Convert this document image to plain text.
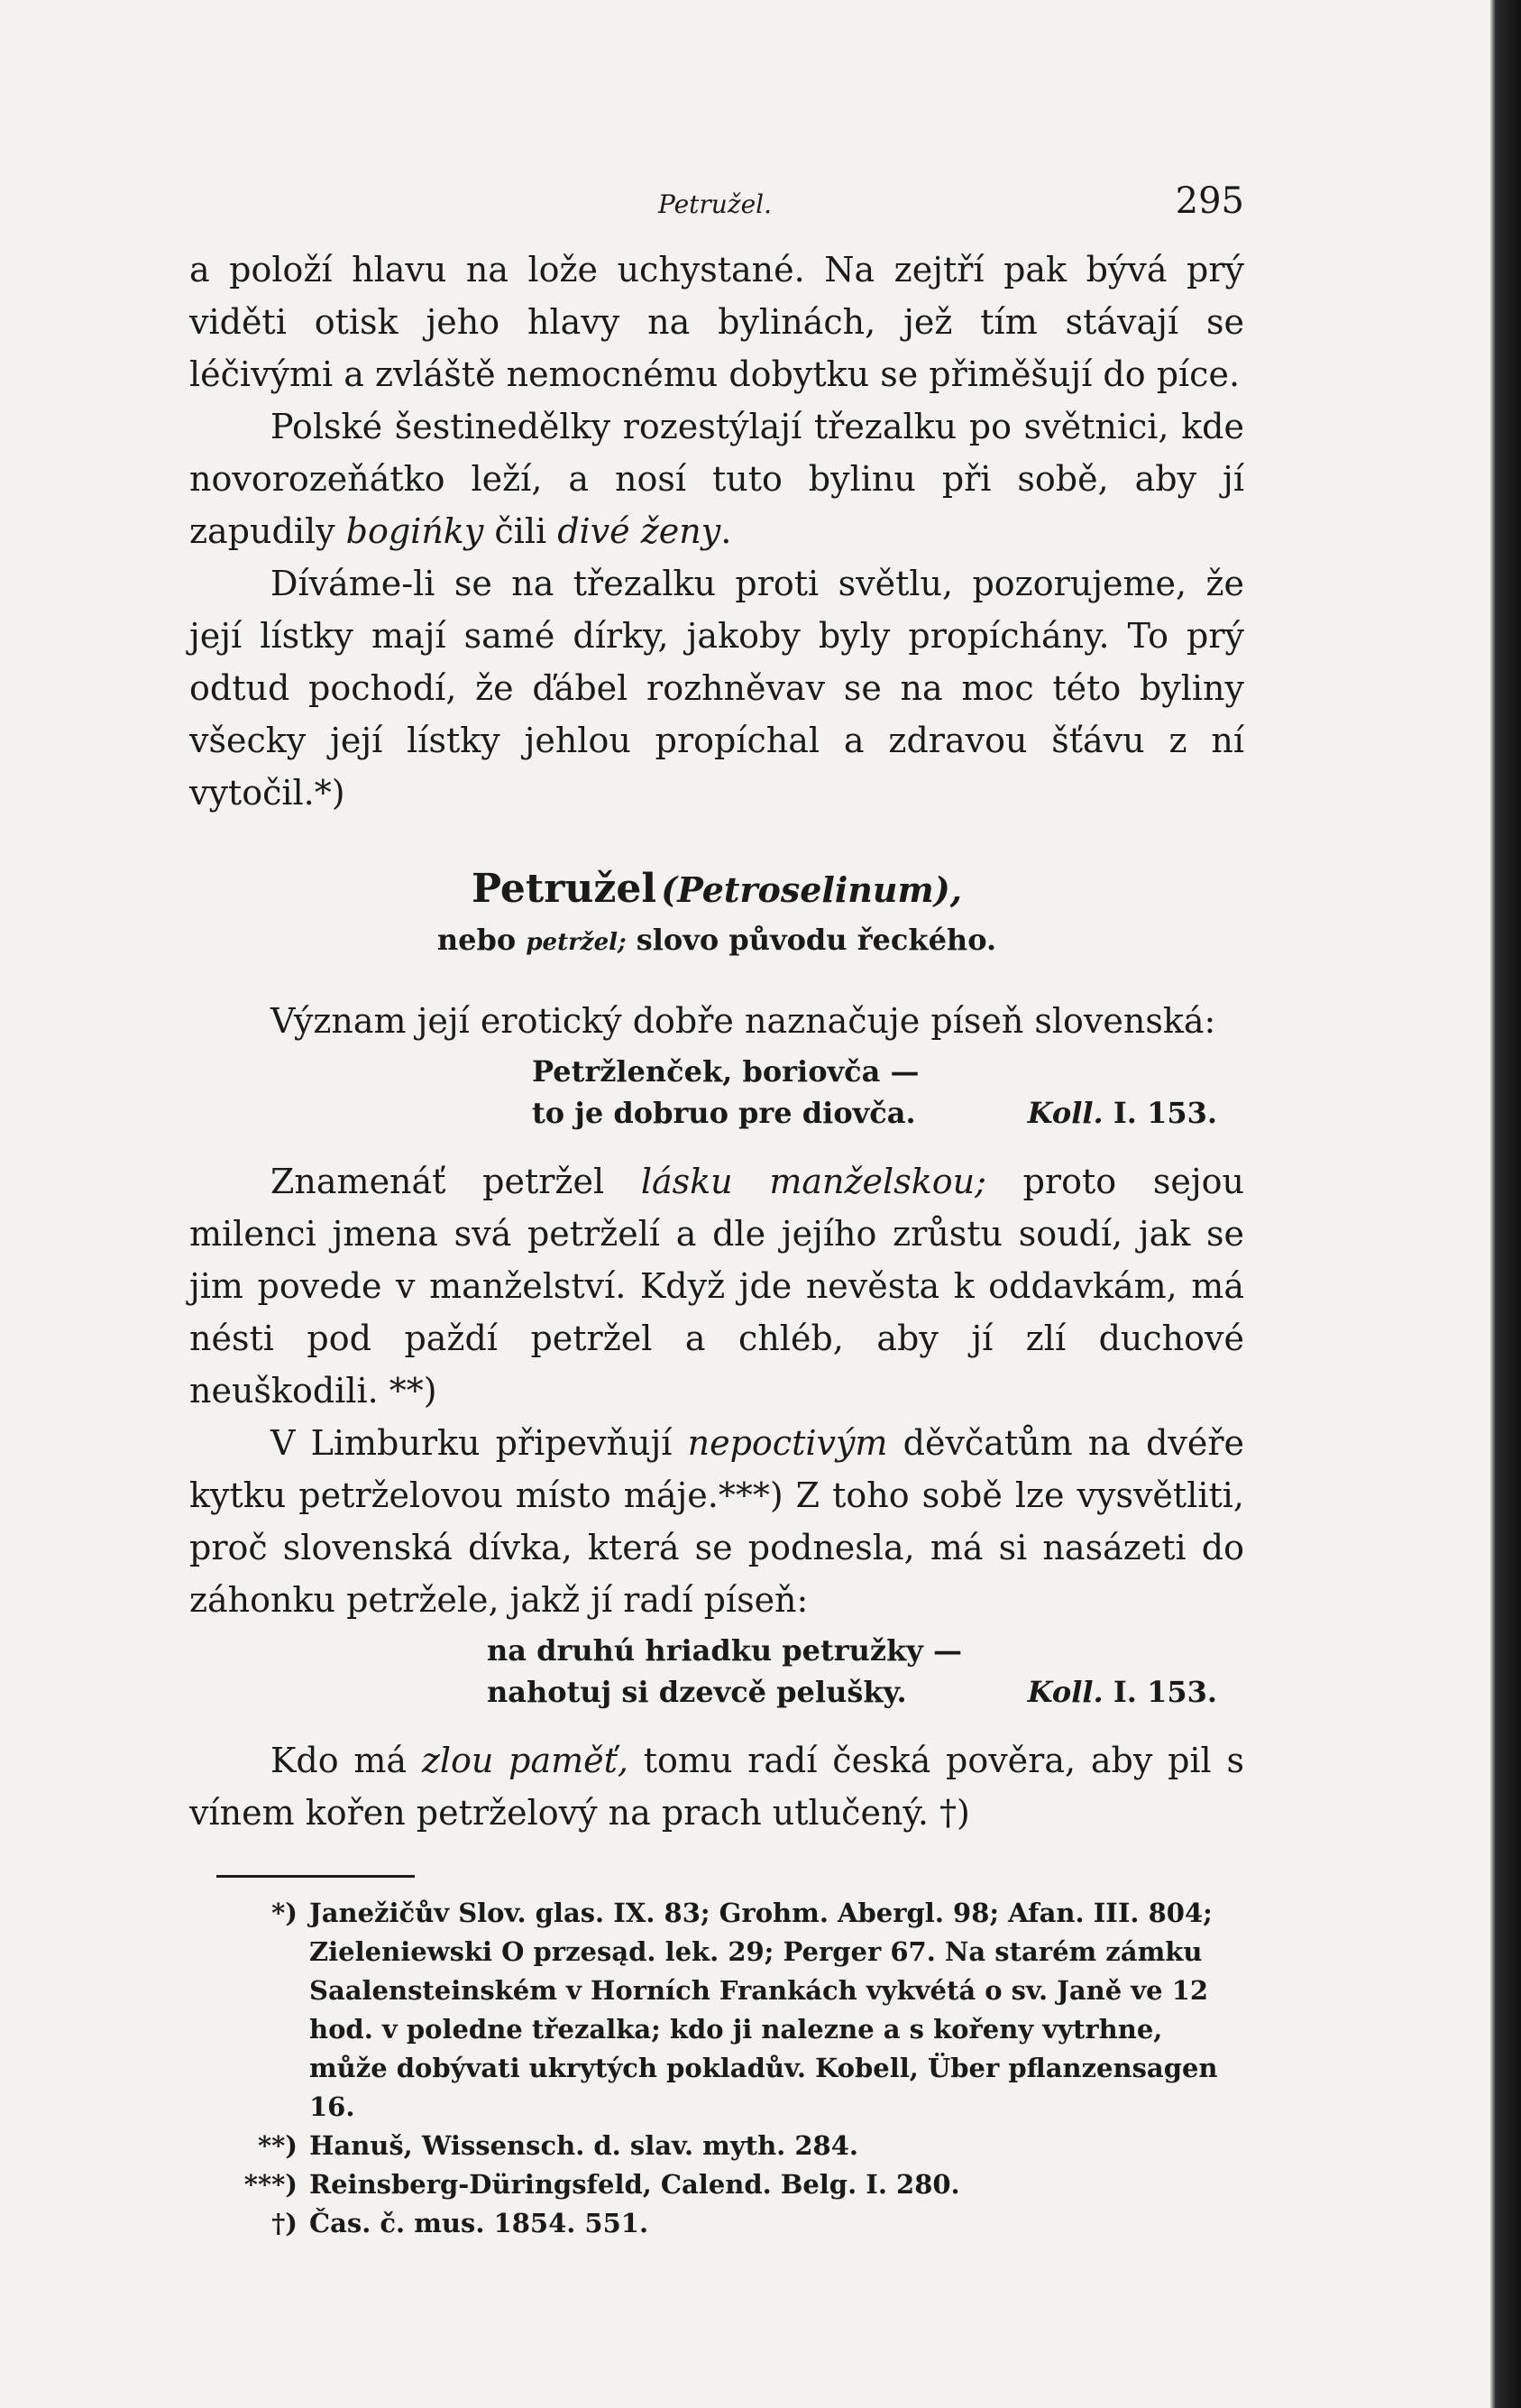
Petružel.	295

a položí hlavu na lože uchystané. Na zejtří pak bývá prý viděti otisk jeho hlavy na bylinách, jež tím stávají se léčivými a zvláště nemocnému dobytku se přiměšují do píce.

Polské šestinedělky rozestýlají třezalku po světnici, kde novorozeňátko leží, a nosí tuto bylinu při sobě, aby jí zapudily bogińky čili divé ženy.

Díváme-li se na třezalku proti světlu, pozorujeme, že její lístky mají samé dírky, jakoby byly propíchány. To prý odtud pochodí, že ďábel rozhněvav se na moc této byliny všecky její lístky jehlou propíchal a zdravou šťávu z ní vytočil.*)

Petružel (Petroselinum),
nebo petržel; slovo původu řeckého.

Význam její erotický dobře naznačuje píseň slovenská:

Petržlenček, boriovča —
to je dobruo pre diovča.	Koll. I. 153.

Znamenáť petržel lásku manželskou; proto sejou milenci jmena svá petrželí a dle jejího zrůstu soudí, jak se jim povede v manželství. Když jde nevěsta k oddavkám, má nésti pod paždí petržel a chléb, aby jí zlí duchové neuškodili. **)

V Limburku připevňují nepoctivým děvčatům na dvéře kytku petrželovou místo máje.***) Z toho sobě lze vysvětliti, proč slovenská dívka, která se podnesla, má si nasázeti do záhonku petržele, jakž jí radí píseň:

na druhú hriadku petružky —
nahotuj si dzevcě pelušky.	Koll. I. 153.

Kdo má zlou paměť, tomu radí česká pověra, aby pil s vínem kořen petrželový na prach utlučený. †)

*) Janežičův Slov. glas. IX. 83; Grohm. Abergl. 98; Afan. III. 804; Zieleniewski O przesąd. lek. 29; Perger 67. Na starém zámku Saalensteinském v Horních Frankách vykvétá o sv. Janě ve 12 hod. v poledne třezalka; kdo ji nalezne a s kořeny vytrhne, může dobývati ukrytých pokladův. Kobell, Über pflanzensagen 16.
**) Hanuš, Wissensch. d. slav. myth. 284.
***) Reinsberg-Düringsfeld, Calend. Belg. I. 280.
†) Čas. č. mus. 1854. 551.
